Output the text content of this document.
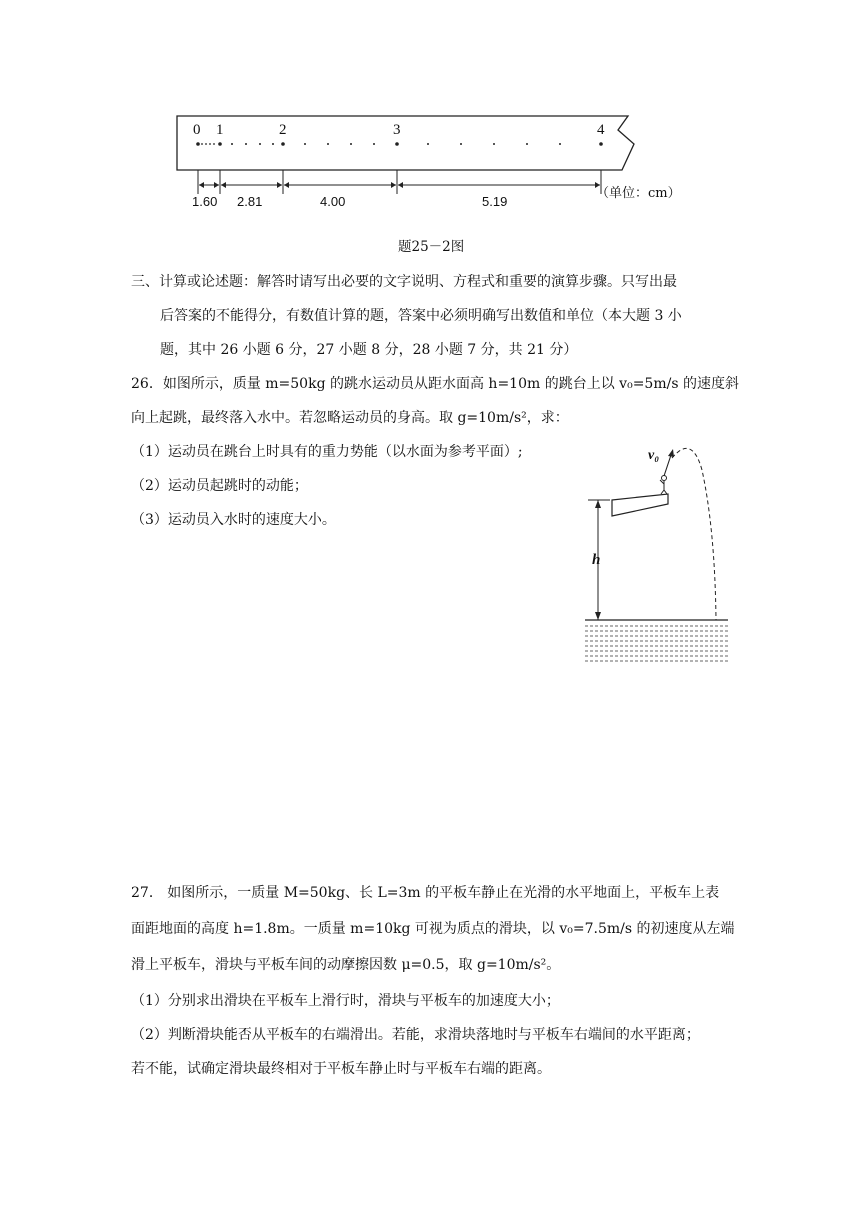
0 1	2	3	4
1.60 2.81	4.00	5.19
（单位：cm）
题25－2图
三、计算或论述题：解答时请写出必要的文字说明、方程式和重要的演算步骤。只写出最
后答案的不能得分，有数值计算的题，答案中必须明确写出数值和单位（本大题 3 小
题，其中 26 小题 6 分，27 小题 8 分，28 小题 7 分，共 21 分）
26．如图所示，质量 m=50kg 的跳水运动员从距水面高 h=10m 的跳台上以 v₀=5m/s 的速度斜
向上起跳，最终落入水中。若忽略运动员的身高。取 g=10m/s²，求：
（1）运动员在跳台上时具有的重力势能（以水面为参考平面）;
（2）运动员起跳时的动能；
（3）运动员入水时的速度大小。
v₀
h
27． 如图所示，一质量 M=50kg、长 L=3m 的平板车静止在光滑的水平地面上，平板车上表
面距地面的高度 h=1.8m。一质量 m=10kg 可视为质点的滑块，以 v₀=7.5m/s 的初速度从左端
滑上平板车，滑块与平板车间的动摩擦因数 μ=0.5，取 g=10m/s²。
（1）分别求出滑块在平板车上滑行时，滑块与平板车的加速度大小；
（2）判断滑块能否从平板车的右端滑出。若能，求滑块落地时与平板车右端间的水平距离；
若不能，试确定滑块最终相对于平板车静止时与平板车右端的距离。
